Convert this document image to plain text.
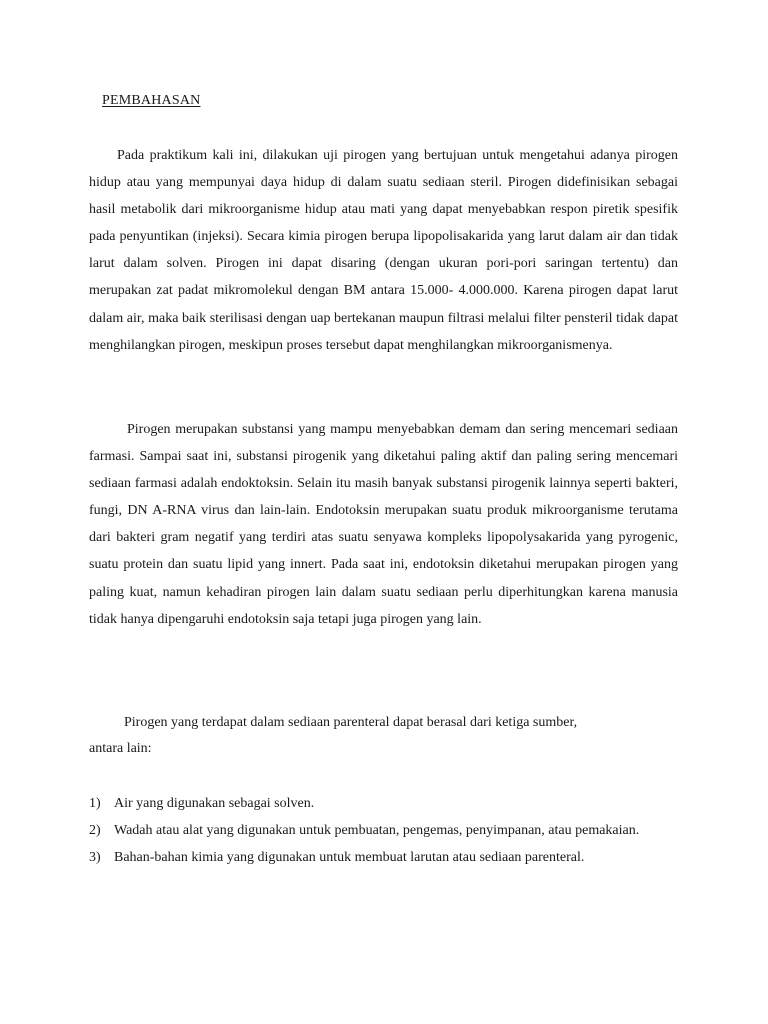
PEMBAHASAN

Pada praktikum kali ini, dilakukan uji pirogen yang bertujuan untuk mengetahui adanya pirogen hidup atau yang mempunyai daya hidup di dalam suatu sediaan steril. Pirogen didefinisikan sebagai hasil metabolik dari mikroorganisme hidup atau mati yang dapat menyebabkan respon piretik spesifik pada penyuntikan (injeksi). Secara kimia pirogen berupa lipopolisakarida yang larut dalam air dan tidak larut dalam solven. Pirogen ini dapat disaring (dengan ukuran pori-pori saringan tertentu) dan merupakan zat padat mikromolekul dengan BM antara 15.000- 4.000.000. Karena pirogen dapat larut dalam air, maka baik sterilisasi dengan uap bertekanan maupun filtrasi melalui filter pensteril tidak dapat menghilangkan pirogen, meskipun proses tersebut dapat menghilangkan mikroorganismenya.

Pirogen merupakan substansi yang mampu menyebabkan demam dan sering mencemari sediaan farmasi. Sampai saat ini, substansi pirogenik yang diketahui paling aktif dan paling sering mencemari sediaan farmasi adalah endoktoksin. Selain itu masih banyak substansi pirogenik lainnya seperti bakteri, fungi, DN A-RNA virus dan lain-lain. Endotoksin merupakan suatu produk mikroorganisme terutama dari bakteri gram negatif yang terdiri atas suatu senyawa kompleks lipopolysakarida yang pyrogenic, suatu protein dan suatu lipid yang innert. Pada saat ini, endotoksin diketahui merupakan pirogen yang paling kuat, namun kehadiran pirogen lain dalam suatu sediaan perlu diperhitungkan karena manusia tidak hanya dipengaruhi endotoksin saja tetapi juga pirogen yang lain.

Pirogen yang terdapat dalam sediaan parenteral dapat berasal dari ketiga sumber,
antara lain:

1) Air yang digunakan sebagai solven.
2) Wadah atau alat yang digunakan untuk pembuatan, pengemas, penyimpanan, atau pemakaian.
3) Bahan-bahan kimia yang digunakan untuk membuat larutan atau sediaan parenteral.
